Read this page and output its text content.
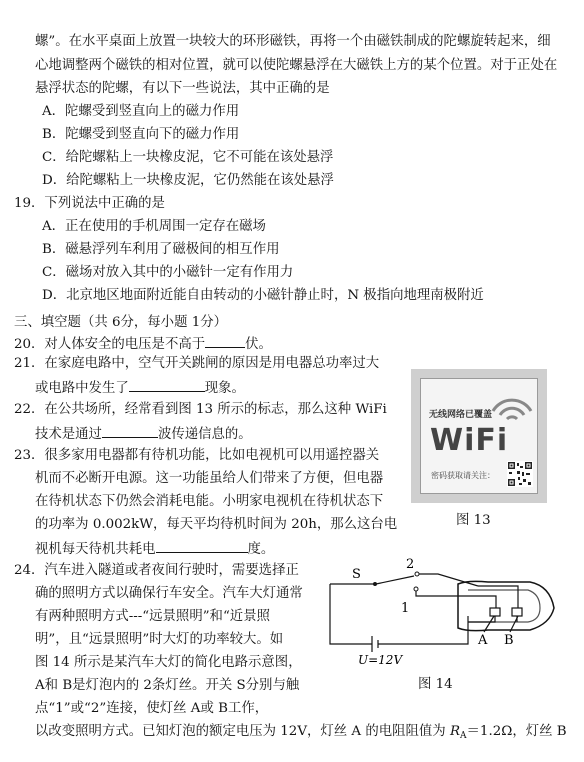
螺”。在水平桌面上放置一块较大的环形磁铁，再将一个由磁铁制成的陀螺旋转起来，细
心地调整两个磁铁的相对位置，就可以使陀螺悬浮在大磁铁上方的某个位置。对于正处在
悬浮状态的陀螺，有以下一些说法，其中正确的是
A．陀螺受到竖直向上的磁力作用
B．陀螺受到竖直向下的磁力作用
C．给陀螺粘上一块橡皮泥，它不可能在该处悬浮
D．给陀螺粘上一块橡皮泥，它仍然能在该处悬浮
19．下列说法中正确的是
A．正在使用的手机周围一定存在磁场
B．磁悬浮列车利用了磁极间的相互作用
C．磁场对放入其中的小磁针一定有作用力
D．北京地区地面附近能自由转动的小磁针静止时，N 极指向地理南极附近
三、填空题（共 6分，每小题 1分）
20．对人体安全的电压是不高于	伏。
21．在家庭电路中，空气开关跳闸的原因是用电器总功率过大
或电路中发生了	现象。
22．在公共场所，经常看到图 13 所示的标志，那么这种 WiFi
技术是通过	波传递信息的。
23．很多家用电器都有待机功能，比如电视机可以用遥控器关
机而不必断开电源。这一功能虽给人们带来了方便，但电器
在待机状态下仍然会消耗电能。小明家电视机在待机状态下
的功率为 0.002kW，每天平均待机时间为 20h，那么这台电
视机每天待机共耗电	度。
无线网络已覆盖
WiFi
密码获取请关注：
图 13
24．汽车进入隧道或者夜间行驶时，需要选择正
确的照明方式以确保行车安全。汽车大灯通常
有两种照明方式---“远景照明”和“近景照
明”，且“远景照明”时大灯的功率较大。如
图 14 所示是某汽车大灯的简化电路示意图，
A和 B是灯泡内的 2条灯丝。开关 S分别与触
点“1”或“2”连接，使灯丝 A或 B工作，
以改变照明方式。已知灯泡的额定电压为 12V，灯丝 A 的电阻阻值为 $R_A=1.2\Omega$，灯丝 B
S
2
1
A B
U=12V
图 14
